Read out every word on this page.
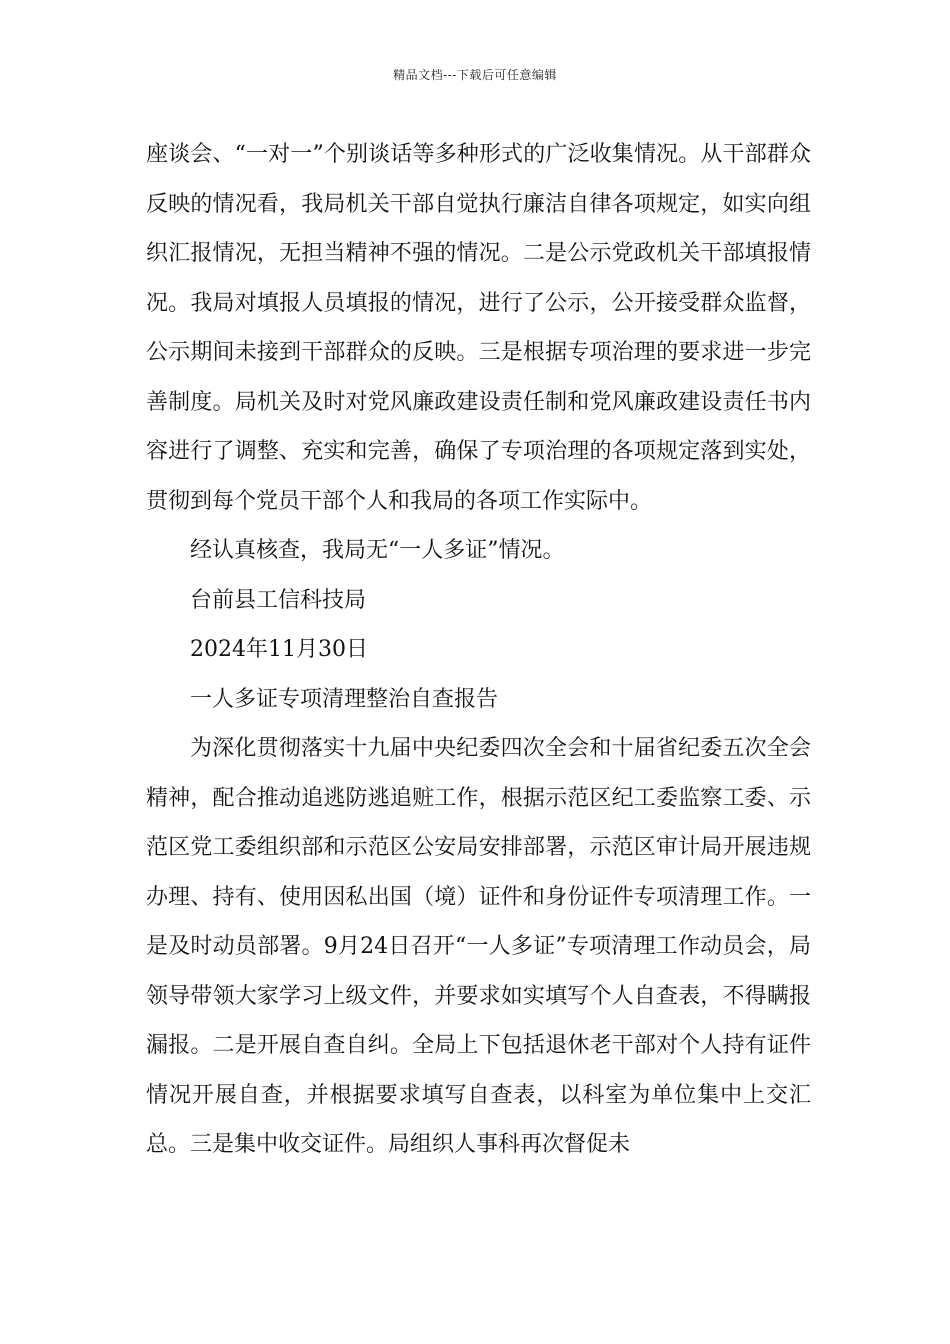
精品文档---下载后可任意编辑

座谈会、“一对一”个别谈话等多种形式的广泛收集情况。从干部群众反映的情况看，我局机关干部自觉执行廉洁自律各项规定，如实向组织汇报情况，无担当精神不强的情况。二是公示党政机关干部填报情况。我局对填报人员填报的情况，进行了公示，公开接受群众监督，公示期间未接到干部群众的反映。三是根据专项治理的要求进一步完善制度。局机关及时对党风廉政建设责任制和党风廉政建设责任书内容进行了调整、充实和完善，确保了专项治理的各项规定落到实处，贯彻到每个党员干部个人和我局的各项工作实际中。

经认真核查，我局无“一人多证”情况。

台前县工信科技局

2024年11月30日

一人多证专项清理整治自查报告

为深化贯彻落实十九届中央纪委四次全会和十届省纪委五次全会精神，配合推动追逃防逃追赃工作，根据示范区纪工委监察工委、示范区党工委组织部和示范区公安局安排部署，示范区审计局开展违规办理、持有、使用因私出国（境）证件和身份证件专项清理工作。一是及时动员部署。9月24日召开“一人多证”专项清理工作动员会，局领导带领大家学习上级文件，并要求如实填写个人自查表，不得瞒报漏报。二是开展自查自纠。全局上下包括退休老干部对个人持有证件情况开展自查，并根据要求填写自查表，以科室为单位集中上交汇总。三是集中收交证件。局组织人事科再次督促未
